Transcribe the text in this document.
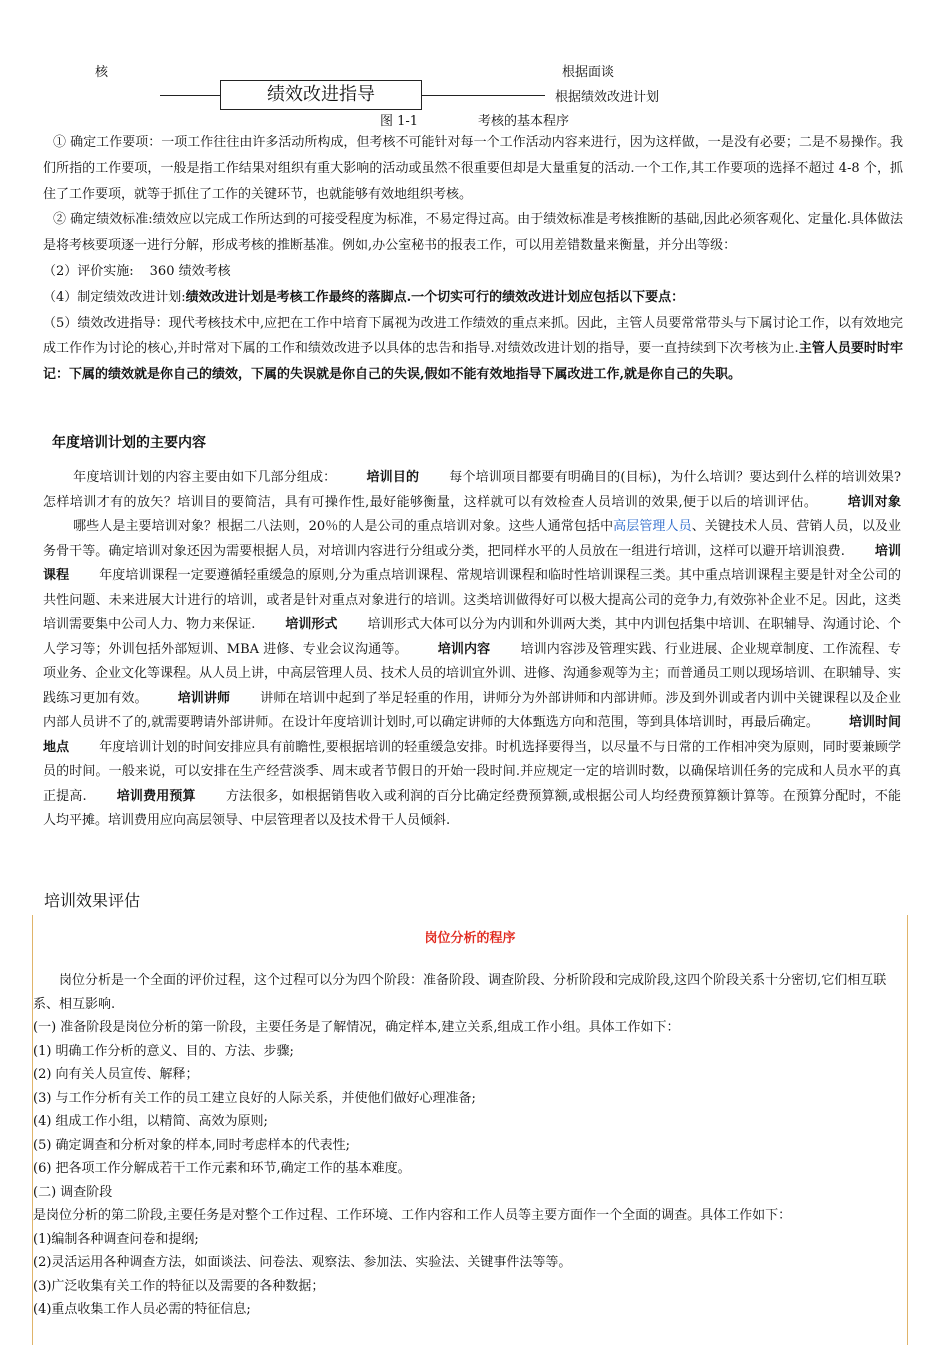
核	根据面谈
绩效改进指导	根据绩效改进计划
图 1-1	考核的基本程序

① 确定工作要项：一项工作往往由许多活动所构成，但考核不可能针对每一个工作活动内容来进行，因为这样做，一是没有必要；二是不易操作。我们所指的工作要项，一般是指工作结果对组织有重大影响的活动或虽然不很重要但却是大量重复的活动.一个工作,其工作要项的选择不超过 4-8 个，抓住了工作要项，就等于抓住了工作的关键环节，也就能够有效地组织考核。

② 确定绩效标准:绩效应以完成工作所达到的可接受程度为标准，不易定得过高。由于绩效标准是考核推断的基础,因此必须客观化、定量化.具体做法是将考核要项逐一进行分解，形成考核的推断基准。例如,办公室秘书的报表工作，可以用差错数量来衡量，并分出等级：

（2）评价实施: 360 绩效考核

（4）制定绩效改进计划:绩效改进计划是考核工作最终的落脚点.一个切实可行的绩效改进计划应包括以下要点：

（5）绩效改进指导：现代考核技术中,应把在工作中培育下属视为改进工作绩效的重点来抓。因此，主管人员要常常带头与下属讨论工作，以有效地完成工作作为讨论的核心,并时常对下属的工作和绩效改进予以具体的忠告和指导.对绩效改进计划的指导，要一直持续到下次考核为止.主管人员要时时牢记：下属的绩效就是你自己的绩效，下属的失误就是你自己的失误,假如不能有效地指导下属改进工作,就是你自己的失职。

年度培训计划的主要内容

年度培训计划的内容主要由如下几部分组成： 培训目的 每个培训项目都要有明确目的(目标)，为什么培训？要达到什么样的培训效果?怎样培训才有的放矢？培训目的要简洁，具有可操作性,最好能够衡量，这样就可以有效检查人员培训的效果,便于以后的培训评估。 培训对象哪些人是主要培训对象？根据二八法则，20％的人是公司的重点培训对象。这些人通常包括中高层管理人员、关键技术人员、营销人员，以及业务骨干等。确定培训对象还因为需要根据人员，对培训内容进行分组或分类，把同样水平的人员放在一组进行培训，这样可以避开培训浪费. 培训课程 年度培训课程一定要遵循轻重缓急的原则,分为重点培训课程、常规培训课程和临时性培训课程三类。其中重点培训课程主要是针对全公司的共性问题、未来进展大计进行的培训，或者是针对重点对象进行的培训。这类培训做得好可以极大提高公司的竞争力,有效弥补企业不足。因此，这类培训需要集中公司人力、物力来保证. 培训形式 培训形式大体可以分为内训和外训两大类，其中内训包括集中培训、在职辅导、沟通讨论、个人学习等；外训包括外部短训、MBA 进修、专业会议沟通等。 培训内容 培训内容涉及管理实践、行业进展、企业规章制度、工作流程、专项业务、企业文化等课程。从人员上讲，中高层管理人员、技术人员的培训宜外训、进修、沟通参观等为主；而普通员工则以现场培训、在职辅导、实践练习更加有效。 培训讲师 讲师在培训中起到了举足轻重的作用，讲师分为外部讲师和内部讲师。涉及到外训或者内训中关键课程以及企业内部人员讲不了的,就需要聘请外部讲师。在设计年度培训计划时,可以确定讲师的大体甄选方向和范围，等到具体培训时，再最后确定。 培训时间 地点 年度培训计划的时间安排应具有前瞻性,要根据培训的轻重缓急安排。时机选择要得当，以尽量不与日常的工作相冲突为原则，同时要兼顾学员的时间。一般来说，可以安排在生产经营淡季、周末或者节假日的开始一段时间.并应规定一定的培训时数，以确保培训任务的完成和人员水平的真正提高. 培训费用预算 方法很多，如根据销售收入或利润的百分比确定经费预算额,或根据公司人均经费预算额计算等。在预算分配时，不能人均平摊。培训费用应向高层领导、中层管理者以及技术骨干人员倾斜.

培训效果评估
岗位分析的程序

岗位分析是一个全面的评价过程，这个过程可以分为四个阶段：准备阶段、调查阶段、分析阶段和完成阶段,这四个阶段关系十分密切,它们相互联系、相互影响.

(一) 准备阶段是岗位分析的第一阶段，主要任务是了解情况，确定样本,建立关系,组成工作小组。具体工作如下：

(1) 明确工作分析的意义、目的、方法、步骤;

(2) 向有关人员宣传、解释；

(3) 与工作分析有关工作的员工建立良好的人际关系，并使他们做好心理准备;

(4) 组成工作小组，以精简、高效为原则;

(5) 确定调查和分析对象的样本,同时考虑样本的代表性;

(6) 把各项工作分解成若干工作元素和环节,确定工作的基本难度。

(二) 调查阶段

是岗位分析的第二阶段,主要任务是对整个工作过程、工作环境、工作内容和工作人员等主要方面作一个全面的调查。具体工作如下：

(1)编制各种调查问卷和提纲;

(2)灵活运用各种调查方法，如面谈法、问卷法、观察法、参加法、实验法、关键事件法等等。

(3)广泛收集有关工作的特征以及需要的各种数据；

(4)重点收集工作人员必需的特征信息;
